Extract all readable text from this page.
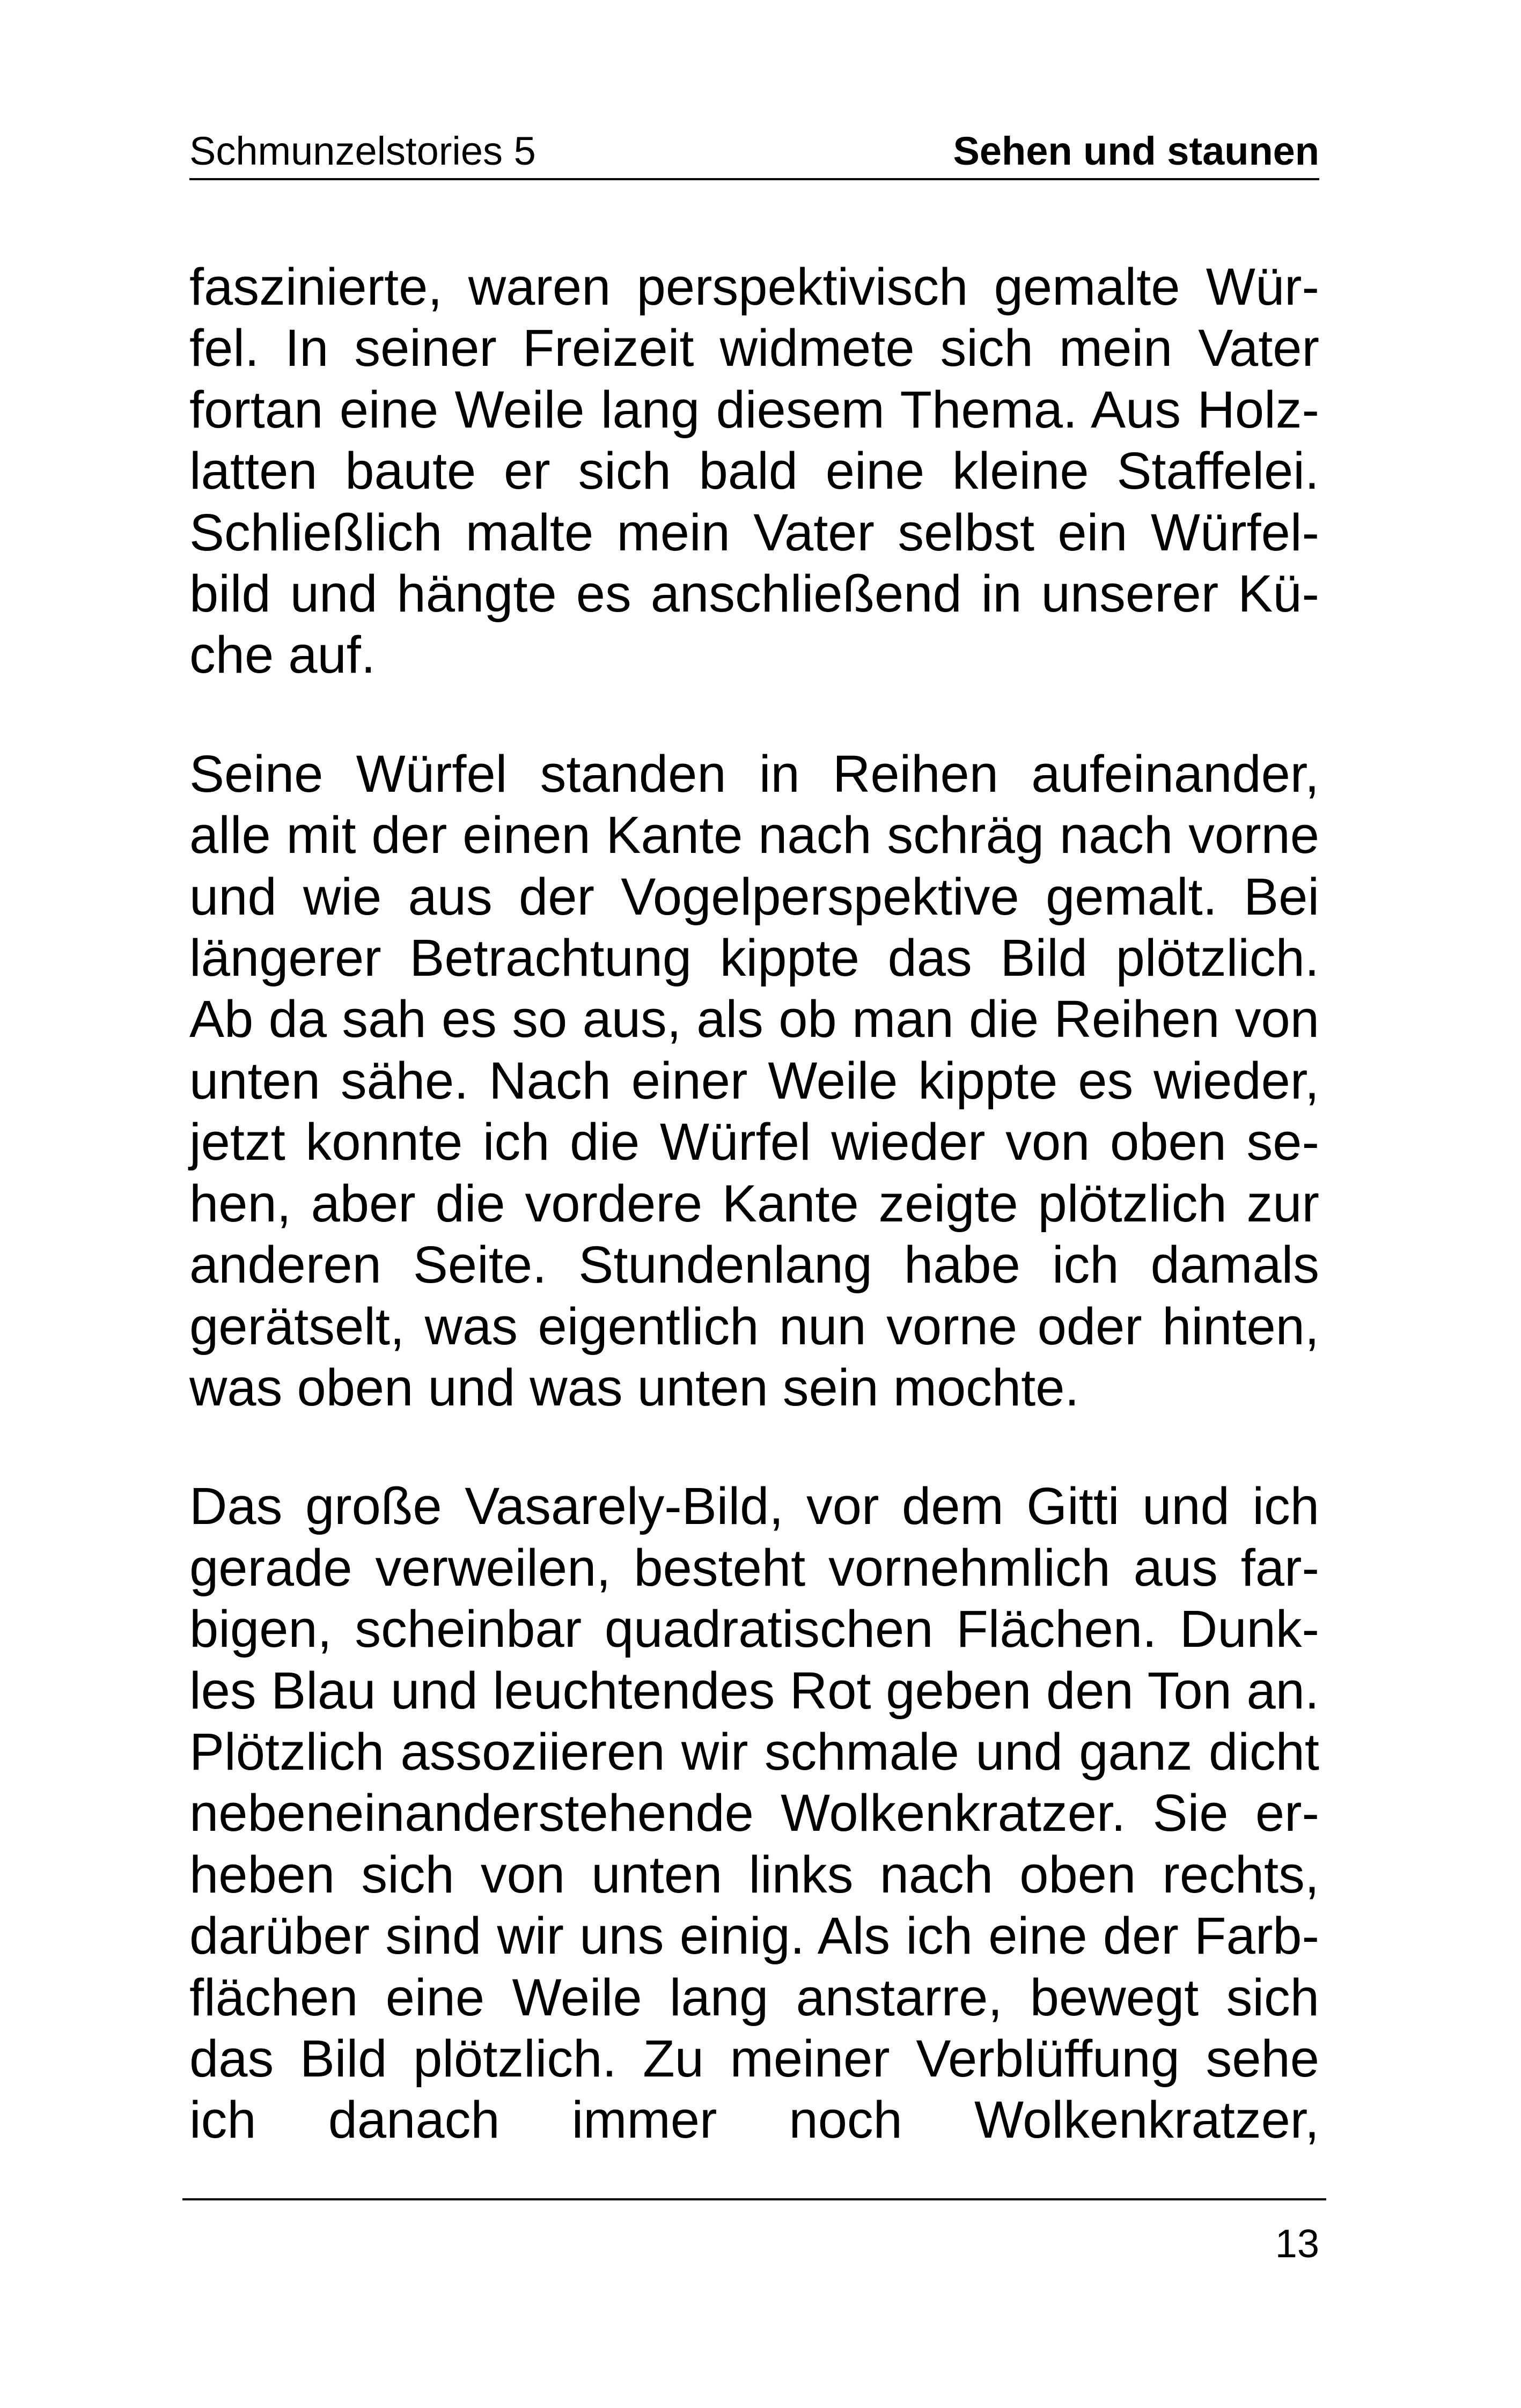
Schmunzelstories 5	Sehen und staunen

faszinierte, waren perspektivisch gemalte Würfel. In seiner Freizeit widmete sich mein Vater fortan eine Weile lang diesem Thema. Aus Holzlatten baute er sich bald eine kleine Staffelei. Schließlich malte mein Vater selbst ein Würfelbild und hängte es anschließend in unserer Küche auf.

Seine Würfel standen in Reihen aufeinander, alle mit der einen Kante nach schräg nach vorne und wie aus der Vogelperspektive gemalt. Bei längerer Betrachtung kippte das Bild plötzlich. Ab da sah es so aus, als ob man die Reihen von unten sähe. Nach einer Weile kippte es wieder, jetzt konnte ich die Würfel wieder von oben sehen, aber die vordere Kante zeigte plötzlich zur anderen Seite. Stundenlang habe ich damals gerätselt, was eigentlich nun vorne oder hinten, was oben und was unten sein mochte.

Das große Vasarely-Bild, vor dem Gitti und ich gerade verweilen, besteht vornehmlich aus farbigen, scheinbar quadratischen Flächen. Dunkles Blau und leuchtendes Rot geben den Ton an. Plötzlich assoziieren wir schmale und ganz dicht nebeneinanderstehende Wolkenkratzer. Sie erheben sich von unten links nach oben rechts, darüber sind wir uns einig. Als ich eine der Farbflächen eine Weile lang anstarre, bewegt sich das Bild plötzlich. Zu meiner Verblüffung sehe ich danach immer noch Wolkenkratzer,

13
